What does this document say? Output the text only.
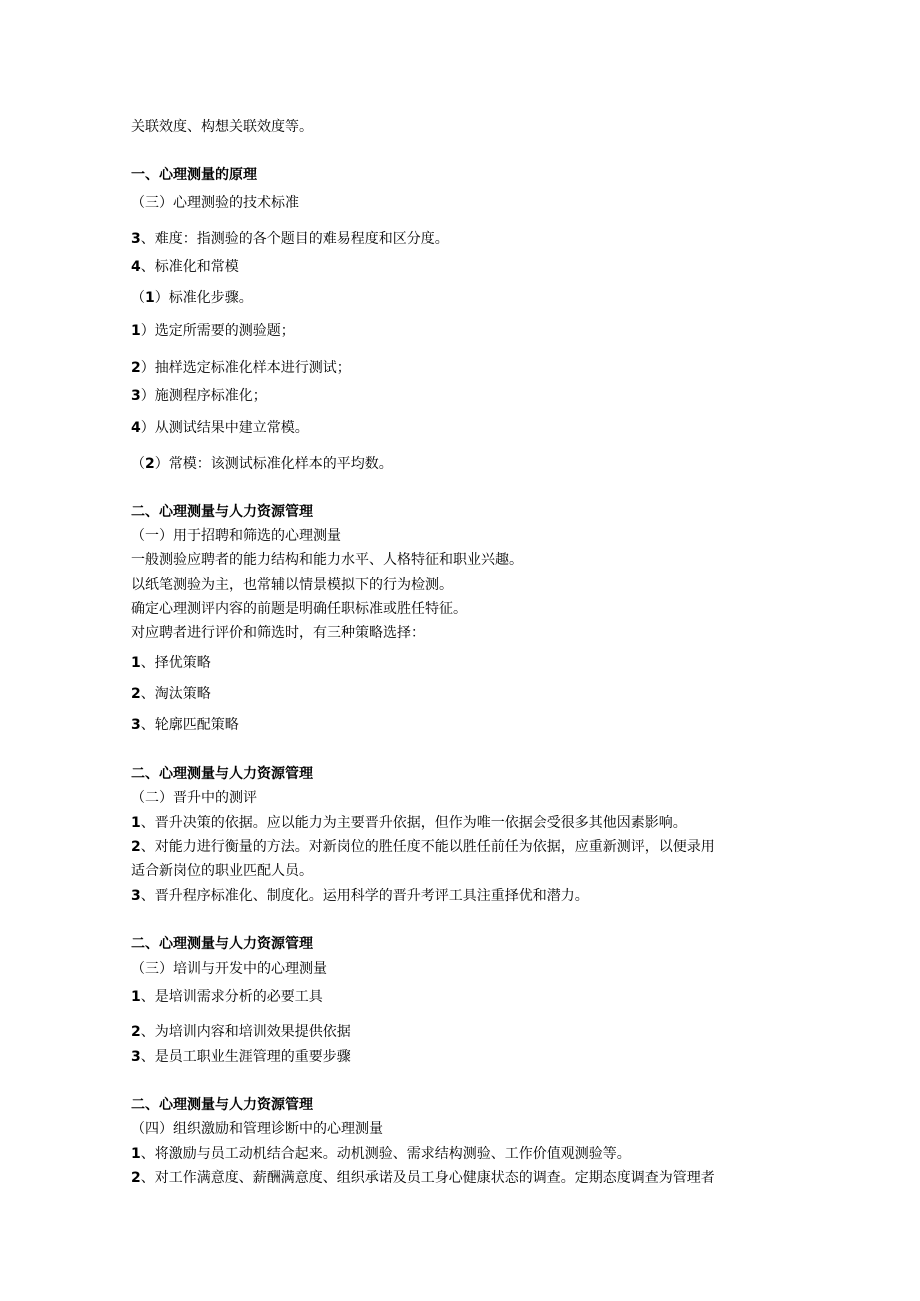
关联效度、构想关联效度等。
一、心理测量的原理
（三）心理测验的技术标准
3、难度：指测验的各个题目的难易程度和区分度。
4、标准化和常模
（1）标准化步骤。
1）选定所需要的测验题；
2）抽样选定标准化样本进行测试；
3）施测程序标准化；
4）从测试结果中建立常模。
（2）常模：该测试标准化样本的平均数。
二、心理测量与人力资源管理
（一）用于招聘和筛选的心理测量
一般测验应聘者的能力结构和能力水平、人格特征和职业兴趣。
以纸笔测验为主，也常辅以情景模拟下的行为检测。
确定心理测评内容的前题是明确任职标准或胜任特征。
对应聘者进行评价和筛选时，有三种策略选择：
1、择优策略
2、淘汰策略
3、轮廓匹配策略
二、心理测量与人力资源管理
（二）晋升中的测评
1、晋升决策的依据。应以能力为主要晋升依据，但作为唯一依据会受很多其他因素影响。
2、对能力进行衡量的方法。对新岗位的胜任度不能以胜任前任为依据，应重新测评，以便录用
适合新岗位的职业匹配人员。
3、晋升程序标准化、制度化。运用科学的晋升考评工具注重择优和潜力。
二、心理测量与人力资源管理
（三）培训与开发中的心理测量
1、是培训需求分析的必要工具
2、为培训内容和培训效果提供依据
3、是员工职业生涯管理的重要步骤
二、心理测量与人力资源管理
（四）组织激励和管理诊断中的心理测量
1、将激励与员工动机结合起来。动机测验、需求结构测验、工作价值观测验等。
2、对工作满意度、薪酬满意度、组织承诺及员工身心健康状态的调查。定期态度调查为管理者
